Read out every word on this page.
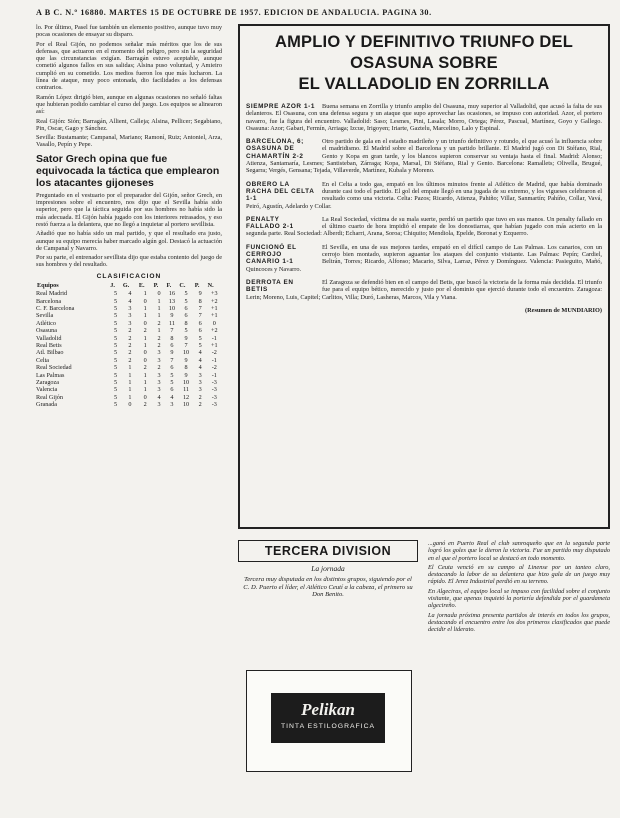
A B C. N.º 16880. MARTES 15 DE OCTUBRE DE 1957. EDICION DE ANDALUCIA. PAGINA 30.

lo. Por último, Pasel fue también un elemento positivo, aunque tuvo muy pocas ocasiones de ensayar su disparo.

Por el Real Gijón, no podemos señalar más méritos que los de sus defensas, que actuaron en el momento del peligro, pero sin la seguridad que las circunstancias exigían. Barragán estuvo aceptable, aunque cometió algunos fallos en sus salidas; Alsina puso voluntad, y Amieiro cumplió en su cometido. Los medios fueron los que más lucharon. La línea de ataque, muy poco entonada, dio facilidades a los defensas contrarios.

Ramón López dirigió bien, aunque en algunas ocasiones no señaló faltas que hubieran podido cambiar el curso del juego. Los equipos se alinearon así:

Real Gijón: Sión; Barragán, Allient, Calleja; Alsina, Pellicer; Segabiano, Pin, Oscar, Gago y Sánchez.

Sevilla: Bustamante; Campanal, Mariano; Ramoní, Ruiz; Antoniel, Arza, Vasallo, Pepín y Pepe.

Sator Grech opina que fue equivocada la táctica que emplearon los atacantes gijoneses

Preguntado en el vestuario por el preparador del Gijón, señor Grech, en impresiones sobre el encuentro, nos dijo que el Sevilla había sido superior, pero que la táctica seguida por sus hombres no había sido la más adecuada. El Gijón había jugado con los interiores retrasados, y eso restó fuerza a la delantera, que no llegó a inquietar al portero sevillista.

Añadió que no había sido un mal partido, y que el resultado era justo, aunque su equipo merecía haber marcado algún gol. Destacó la actuación de Campanal y Navarro.

Por su parte, el entrenador sevillista dijo que estaba contento del juego de sus hombres y del resultado.

CLASIFICACION
Equipos	J.	G.	E.	P.	F.	C.	P.	N.
Real Madrid	5	4	1	0	16	5	9	+3
Barcelona	5	4	0	1	13	5	8	+2
C. F. Barcelona	5	3	1	1	10	6	7	+1
Sevilla	5	3	1	1	9	6	7	+1
Atlético	5	3	0	2	11	8	6	0
Osasuna	5	2	2	1	7	5	6	+2
Valladolid	5	2	1	2	8	9	5	-1
Real Betis	5	2	1	2	6	7	5	+1
Atl. Bilbao	5	2	0	3	9	10	4	-2
Celta	5	2	0	3	7	9	4	-1
Real Sociedad	5	1	2	2	6	8	4	-2
Las Palmas	5	1	1	3	5	9	3	-1
Zaragoza	5	1	1	3	5	10	3	-3
Valencia	5	1	1	3	6	11	3	-3
Real Gijón	5	1	0	4	4	12	2	-3
Granada	5	0	2	3	3	10	2	-3
AMPLIO Y DEFINITIVO TRIUNFO DEL OSASUNA SOBRE
EL VALLADOLID EN ZORRILLA
SIEMPRE AZOR 1-1	Buena semana en Zorrilla y triunfo amplio del Osasuna, muy superior al Valladolid, que acusó la falta de sus delanteros. El Osasuna, con una defensa segura y un ataque que supo aprovechar las ocasiones, se impuso con autoridad. Azor, el portero navarro, fue la figura del encuentro. Valladolid: Saso; Lesmes, Pini, Lasala; Morro, Ortega; Pérez, Pascual, Martínez, Goyo y Gallego. Osasuna: Azor; Gabari, Fermín, Arriaga; Izcue, Irigoyen; Iriarte, Gaztelu, Marcelino, Lalo y Espinal.

BARCELONA, 6; OSASUNA DE CHAMARTÍN 2-2

Otro partido de gala en el estadio madrileño y un triunfo definitivo y rotundo, el que acusó la influencia sobre el madridismo. El Madrid sobre el Barcelona y un partido brillante. El Madrid jugó con Di Stéfano, Rial, Gento y Kopa en gran tarde, y los blancos supieron conservar su ventaja hasta el final. Madrid: Alonso; Atienza, Santamaría, Lesmes; Santisteban, Zárraga; Kopa, Marsal, Di Stéfano, Rial y Gento. Barcelona: Ramallets; Olivella, Brugué, Segarra; Vergés, Gensana; Tejada, Villaverde, Martínez, Kubala y Moreno.

OBRERO LA RACHA DEL CELTA 1-1

En el Celta a todo gas, empató en los últimos minutos frente al Atlético de Madrid, que había dominado durante casi todo el partido. El gol del empate llegó en una jugada de su extremo, y los vigueses celebraron el resultado como una victoria. Celta: Pazos; Ricardo, Atienza, Pahiño; Villar, Sanmartín; Pahíño, Collar, Vavá, Peiró, Agustín, Adelardo y Collar.

PENALTY FALLADO 2-1

La Real Sociedad, víctima de su mala suerte, perdió un partido que tuvo en sus manos. Un penalty fallado en el último cuarto de hora impidió el empate de los donostiarras, que habían jugado con más acierto en la segunda parte. Real Sociedad: Alberdi; Echarri, Arana, Soroa; Chiquito; Mendiola, Epelde, Boronat y Ezquerro.

FUNCIONÓ EL CERROJO CANARIO 1-1

El Sevilla, en una de sus mejores tardes, empató en el difícil campo de Las Palmas. Los canarios, con un cerrojo bien montado, supieron aguantar los ataques del conjunto visitante. Las Palmas: Pepín; Cardiel, Beltrán, Torres; Ricardo, Alfonso; Macario, Silva, Larraz, Pérez y Domínguez. Valencia: Pasieguito, Mañó, Quincoces y Navarro.

DERROTA EN BETIS

El Zaragoza se defendió bien en el campo del Betis, que buscó la victoria de la forma más decidida. El triunfo fue para el equipo bético, merecido y justo por el dominio que ejerció durante todo el encuentro. Zaragoza: Lerin; Moreno, Luis, Capitel; Carlitos, Villa; Duró, Lasheras, Marcos, Vila y Viana.

(Resumen de MUNDIARIO)
TERCERA DIVISION
La jornada
Tercera muy disputada en los distintos grupos, siguiendo por el C. D. Puerto el líder, el Atlético Ceutí a la cabeza, el primero su Don Benito.
Pelikan
TINTA ESTILOGRAFICA

...ganó en Puerto Real el club sanroqueño que en la segunda parte logró los goles que le dieron la victoria. Fue un partido muy disputado en el que el portero local se destacó en todo momento.

El Ceuta venció en su campo al Linense por un tanteo claro, destacando la labor de su delantera que hizo gala de un juego muy rápido. El Jerez Industrial perdió en su terreno.

En Algeciras, el equipo local se impuso con facilidad sobre el conjunto visitante, que apenas inquietó la portería defendida por el guardameta algecireño.

La jornada próxima presenta partidos de interés en todos los grupos, destacando el encuentro entre los dos primeros clasificados que puede decidir el liderato.
